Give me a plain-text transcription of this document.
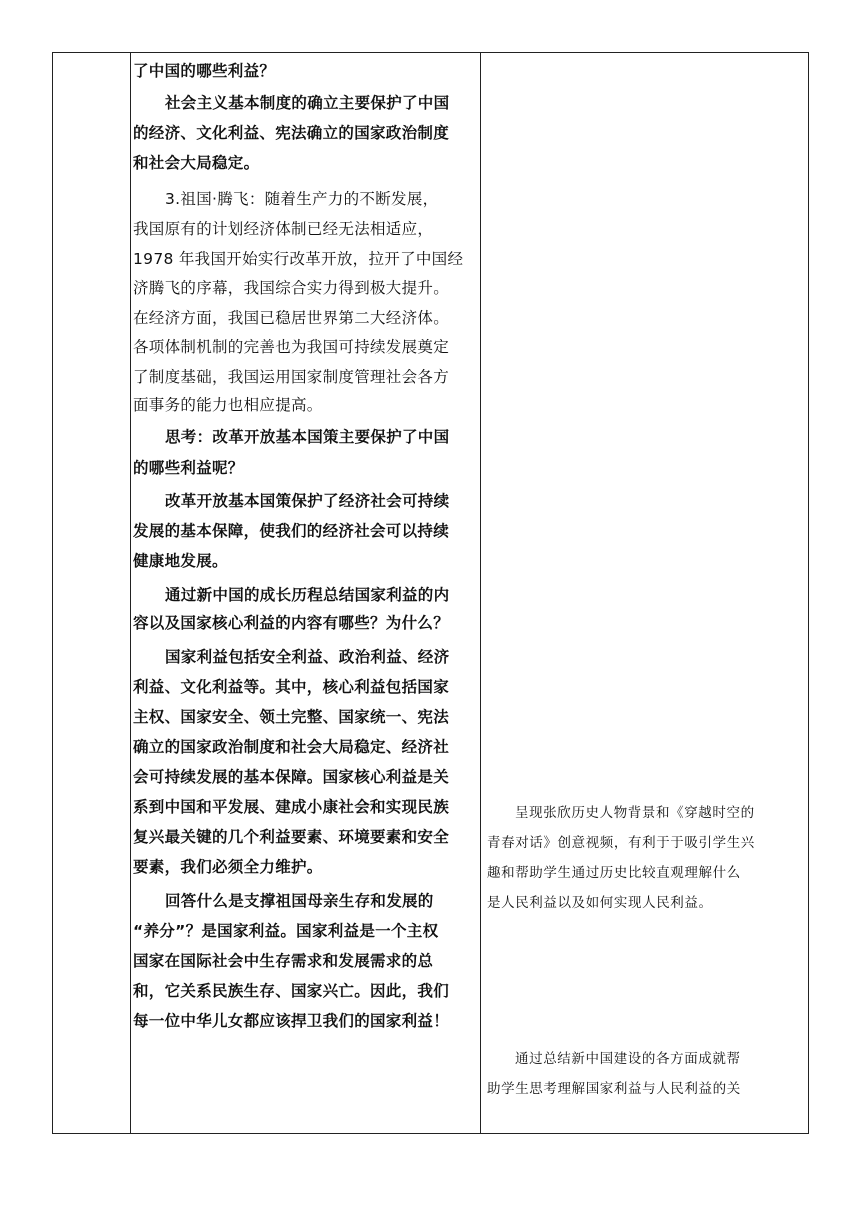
了中国的哪些利益？
社会主义基本制度的确立主要保护了中国
的经济、文化利益、宪法确立的国家政治制度
和社会大局稳定。
3.祖国·腾飞：随着生产力的不断发展，
我国原有的计划经济体制已经无法相适应，
1978 年我国开始实行改革开放，拉开了中国经
济腾飞的序幕，我国综合实力得到极大提升。
在经济方面，我国已稳居世界第二大经济体。
各项体制机制的完善也为我国可持续发展奠定
了制度基础，我国运用国家制度管理社会各方
面事务的能力也相应提高。
思考：改革开放基本国策主要保护了中国
的哪些利益呢？
改革开放基本国策保护了经济社会可持续
发展的基本保障，使我们的经济社会可以持续
健康地发展。
通过新中国的成长历程总结国家利益的内
容以及国家核心利益的内容有哪些？为什么？
国家利益包括安全利益、政治利益、经济
利益、文化利益等。其中，核心利益包括国家
主权、国家安全、领土完整、国家统一、宪法
确立的国家政治制度和社会大局稳定、经济社
会可持续发展的基本保障。国家核心利益是关
系到中国和平发展、建成小康社会和实现民族
复兴最关键的几个利益要素、环境要素和安全
要素，我们必须全力维护。
回答什么是支撑祖国母亲生存和发展的
“养分”？是国家利益。国家利益是一个主权
国家在国际社会中生存需求和发展需求的总
和，它关系民族生存、国家兴亡。因此，我们
每一位中华儿女都应该捍卫我们的国家利益！
呈现张欣历史人物背景和《穿越时空的
青春对话》创意视频，有利于于吸引学生兴
趣和帮助学生通过历史比较直观理解什么
是人民利益以及如何实现人民利益。
通过总结新中国建设的各方面成就帮
助学生思考理解国家利益与人民利益的关
